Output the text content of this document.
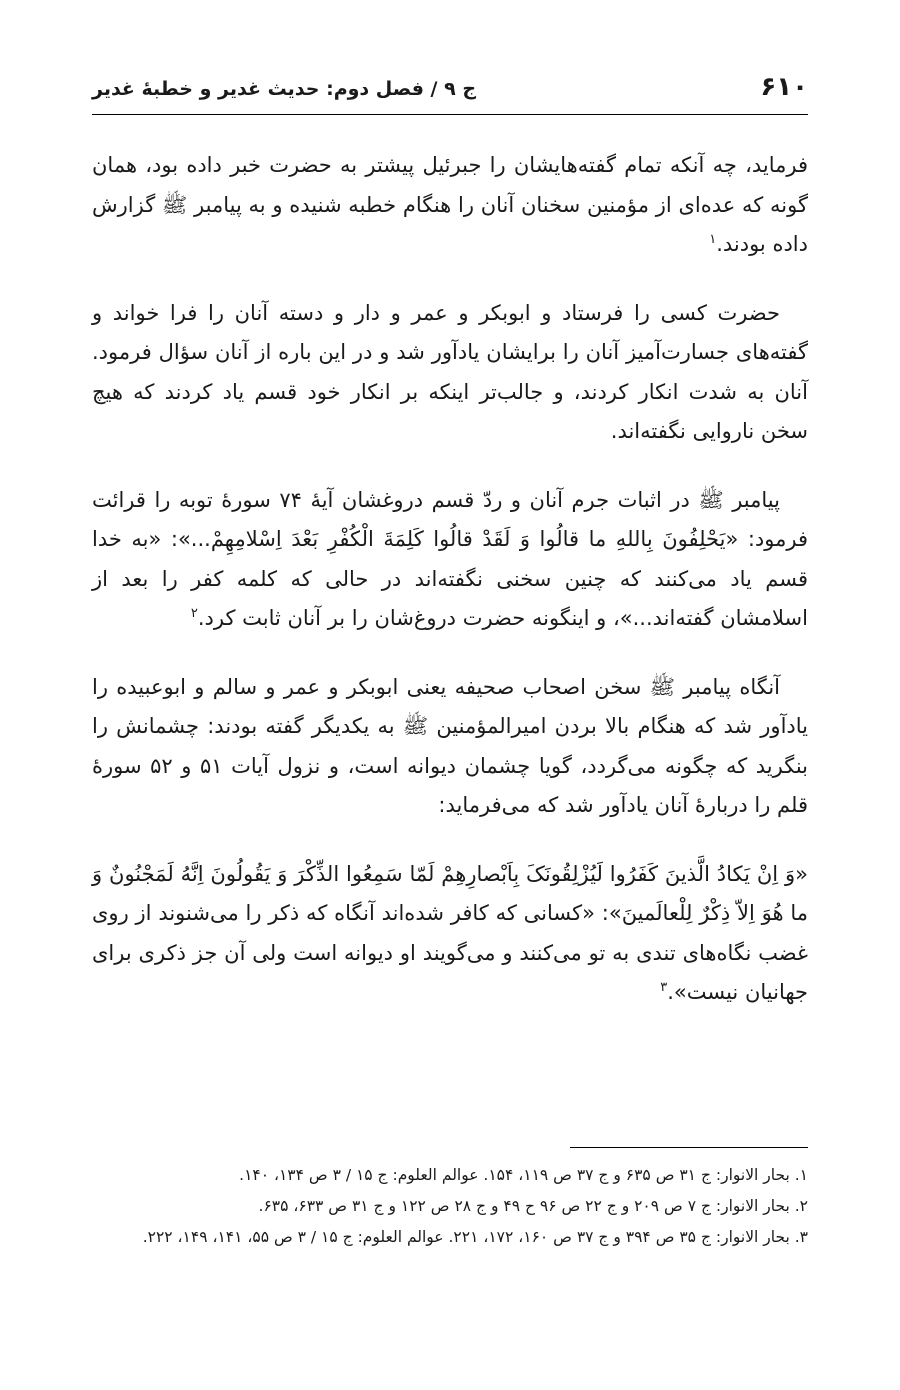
۶۱۰
ج ۹ / فصل دوم: حدیث غدیر و خطبهٔ غدیر

فرماید، چه آنکه تمام گفته‌هایشان را جبرئیل پیشتر به حضرت خبر داده بود، همان گونه که عده‌ای از مؤمنین سخنان آنان را هنگام خطبه شنیده و به پیامبر ﷺ گزارش داده بودند.$^۱$

حضرت کسی را فرستاد و ابوبکر و عمر و دار و دسته آنان را فرا خواند و گفته‌های جسارت‌آمیز آنان را برایشان یادآور شد و در این باره از آنان سؤال فرمود. آنان به شدت انکار کردند، و جالب‌تر اینکه بر انکار خود قسم یاد کردند که هیچ سخن ناروایی نگفته‌اند.

پیامبر ﷺ در اثبات جرم آنان و ردّ قسم دروغشان آیهٔ ۷۴ سورهٔ توبه را قرائت فرمود: «یَحْلِفُونَ بِاللهِ ما قالُوا وَ لَقَدْ قالُوا کَلِمَةَ الْکُفْرِ بَعْدَ اِسْلامِهِمْ...»: «به خدا قسم یاد می‌کنند که چنین سخنی نگفته‌اند در حالی که کلمه کفر را بعد از اسلامشان گفته‌اند...»، و اینگونه حضرت دروغ‌شان را بر آنان ثابت کرد.$^۲$

آنگاه پیامبر ﷺ سخن اصحاب صحیفه یعنی ابوبکر و عمر و سالم و ابوعبیده را یادآور شد که هنگام بالا بردن امیرالمؤمنین ﷺ به یکدیگر گفته بودند: چشمانش را بنگرید که چگونه می‌گردد، گویا چشمان دیوانه است، و نزول آیات ۵۱ و ۵۲ سورهٔ قلم را دربارهٔ آنان یادآور شد که می‌فرماید:

«وَ اِنْ یَکادُ الَّذینَ کَفَرُوا لَیُزْلِقُونَکَ بِاَبْصارِهِمْ لَمّا سَمِعُوا الذِّکْرَ وَ یَقُولُونَ اِنَّهُ لَمَجْنُونٌ وَ ما هُوَ اِلاّ ذِکْرٌ لِلْعالَمینَ»: «کسانی که کافر شده‌اند آنگاه که ذکر را می‌شنوند از روی غضب نگاه‌های تندی به تو می‌کنند و می‌گویند او دیوانه است ولی آن جز ذکری برای جهانیان نیست».$^۳$

۱. بحار الانوار: ج ۳۱ ص ۶۳۵ و ج ۳۷ ص ۱۱۹، ۱۵۴. عوالم العلوم: ج ۱۵ / ۳ ص ۱۳۴، ۱۴۰.

۲. بحار الانوار: ج ۷ ص ۲۰۹ و ج ۲۲ ص ۹۶ ح ۴۹ و ج ۲۸ ص ۱۲۲ و ج ۳۱ ص ۶۳۳، ۶۳۵.

۳. بحار الانوار: ج ۳۵ ص ۳۹۴ و ج ۳۷ ص ۱۶۰، ۱۷۲، ۲۲۱. عوالم العلوم: ج ۱۵ / ۳ ص ۵۵، ۱۴۱، ۱۴۹، ۲۲۲.
